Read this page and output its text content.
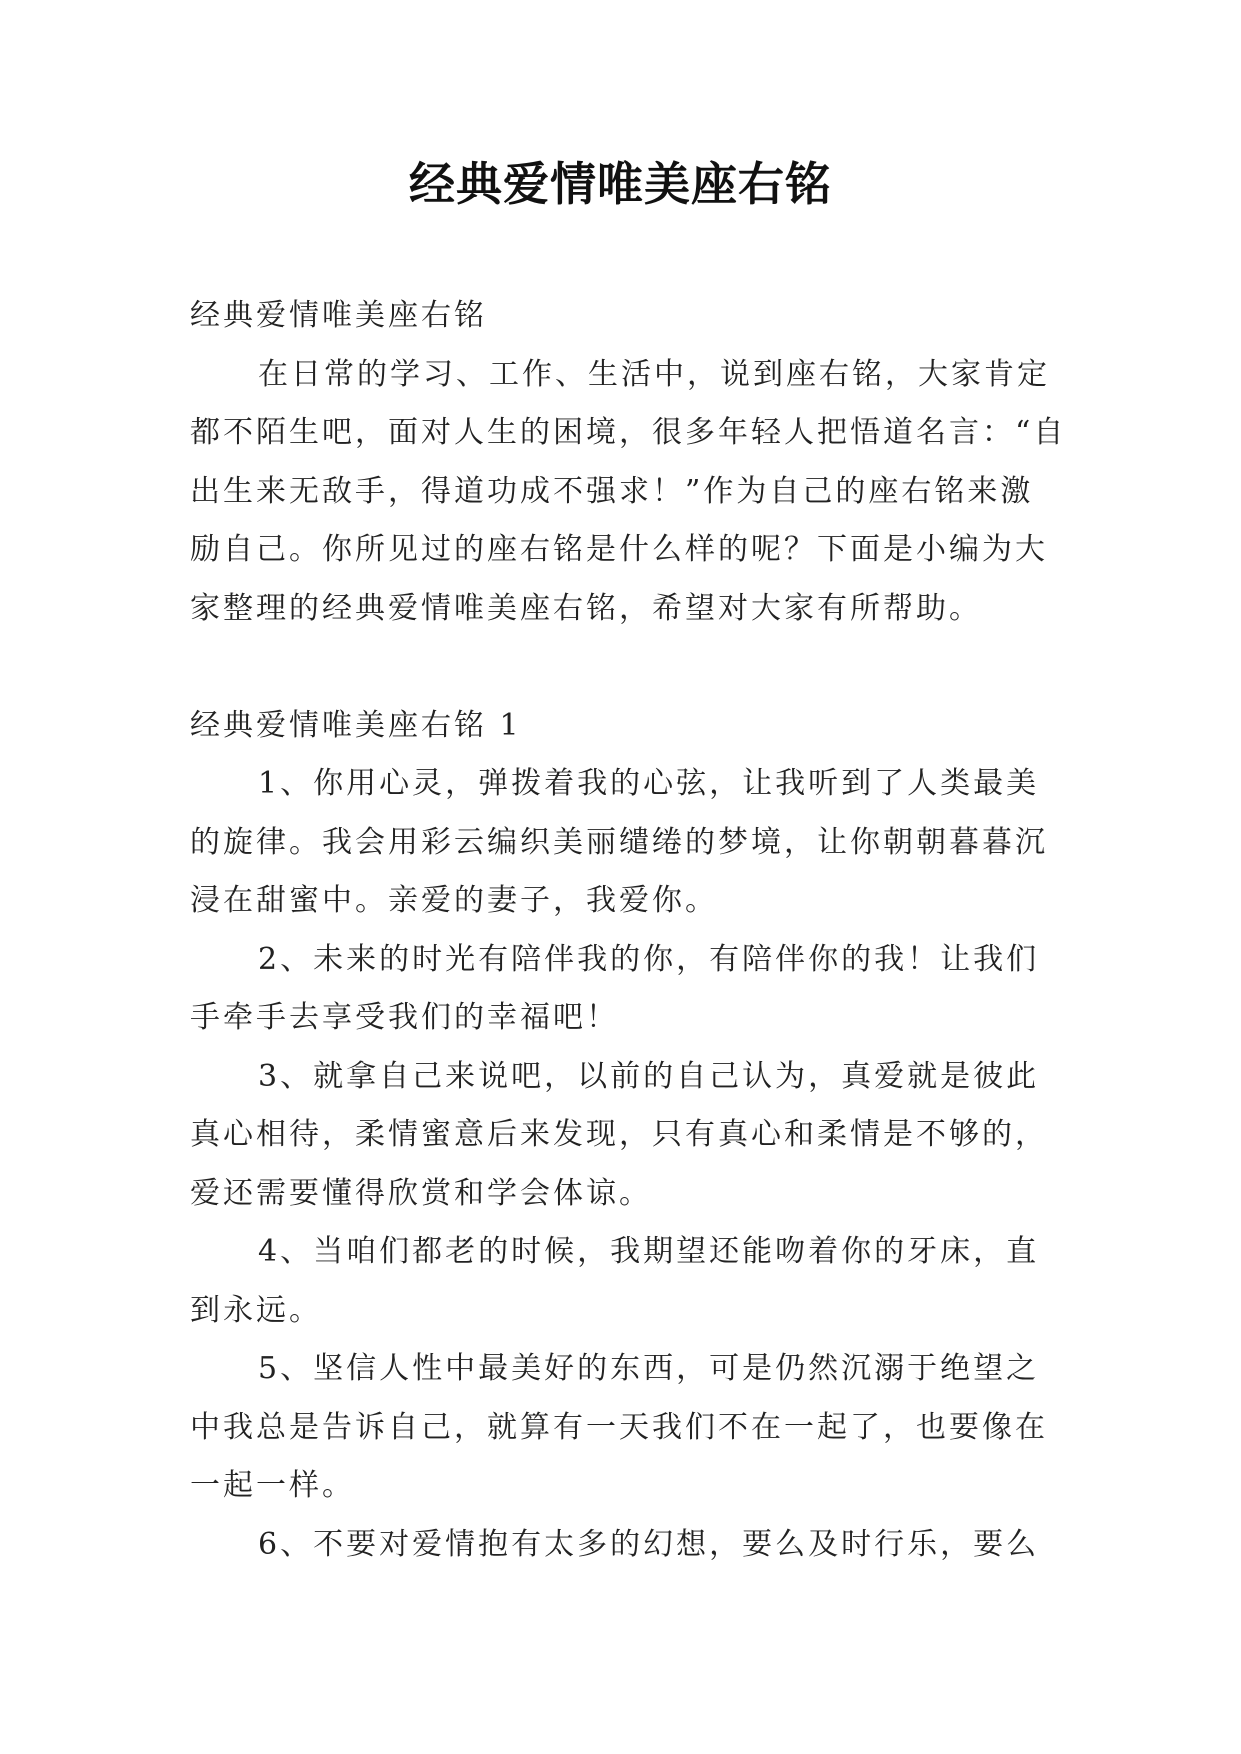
经典爱情唯美座右铭
经典爱情唯美座右铭
在日常的学习、工作、生活中，说到座右铭，大家肯定
都不陌生吧，面对人生的困境，很多年轻人把悟道名言：“自
出生来无敌手，得道功成不强求！”作为自己的座右铭来激
励自己。你所见过的座右铭是什么样的呢？下面是小编为大
家整理的经典爱情唯美座右铭，希望对大家有所帮助。
经典爱情唯美座右铭 1
1、你用心灵，弹拨着我的心弦，让我听到了人类最美
的旋律。我会用彩云编织美丽缱绻的梦境，让你朝朝暮暮沉
浸在甜蜜中。亲爱的妻子，我爱你。
2、未来的时光有陪伴我的你，有陪伴你的我！让我们
手牵手去享受我们的幸福吧！
3、就拿自己来说吧，以前的自己认为，真爱就是彼此
真心相待，柔情蜜意后来发现，只有真心和柔情是不够的，
爱还需要懂得欣赏和学会体谅。
4、当咱们都老的时候，我期望还能吻着你的牙床，直
到永远。
5、坚信人性中最美好的东西，可是仍然沉溺于绝望之
中我总是告诉自己，就算有一天我们不在一起了，也要像在
一起一样。
6、不要对爱情抱有太多的幻想，要么及时行乐，要么
